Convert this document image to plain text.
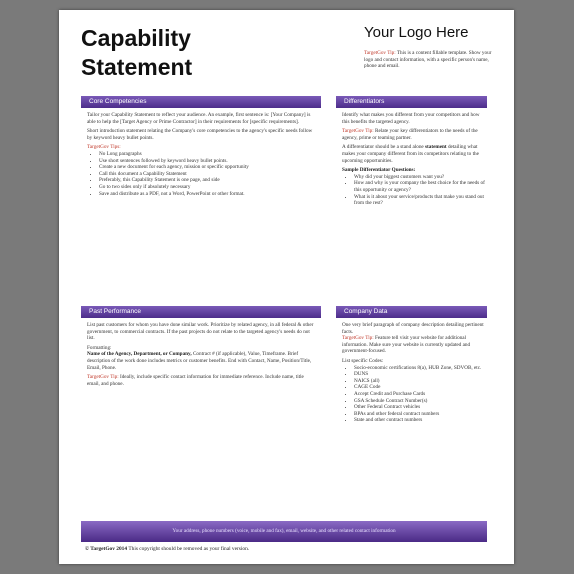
Capability
Statement
Your Logo Here
TargetGov Tip: This is a content fillable template. Show your logo and contact information, with a specific person's name, phone and email.
Core Competencies

Tailor your Capability Statement to reflect your audience. An example, first sentence is: [Your Company] is able to help the [Target Agency or Prime Contractor] in their requirements for [specific requirements].

Short introduction statement relating the Company's core competencies to the agency's specific needs follow by keyword heavy bullet points.

TargetGov Tips:

• No Long paragraphs
• Use short sentences followed by keyword heavy bullet points.
• Create a new document for each agency, mission or specific opportunity
• Call this document a Capability Statement
• Preferably, this Capability Statement is one page, and side
• Go to two sides only if absolutely necessary
• Save and distribute as a PDF, not a Word, PowerPoint or other format.
Differentiators

Identify what makes you different from your competitors and how this benefits the targeted agency.

TargetGov Tip: Relate your key differentiators to the needs of the agency, prime or teaming partner.

A differentiator should be a stand alone statement detailing what makes your company different from its competitors relating to the upcoming opportunities.

Sample Differentiator Questions:

• Why did your biggest customers want you?
• How and why is your company the best choice for the needs of this opportunity or agency?
• What is it about your service/products that make you stand out from the rest?
Past Performance

List past customers for whom you have done similar work. Prioritize by related agency, in all federal & other government, to commercial contracts. If the past projects do not relate to the targeted agency's needs do not list.

Formatting:

Name of the Agency, Department, or Company, Contract # (if applicable), Value, Timeframe. Brief description of the work done includes metrics or customer benefits. End with Contact, Name, Position/Title, Email, Phone.

TargetGov Tip: Ideally, include specific contact information for immediate reference. Include name, title email, and phone.

Company Data

One very brief paragraph of company description detailing pertinent facts.

TargetGov Tip: Feature tell visit your website for additional information. Make sure your website is currently updated and government-focused.

List specific Codes:

• Socio-economic certifications 8(a), HUB Zone, SDVOB, etc.
• DUNS
• NAICS (all)
• CAGE Code
• Accept Credit and Purchase Cards
• GSA Schedule Contract Number(s)
• Other Federal Contract vehicles
• BPAs and other federal contract numbers
• State and other contract numbers
Your address, phone numbers (voice, mobile and fax), email, website, and other related contact information
© TargetGov 2014 This copyright should be removed as your final version.
